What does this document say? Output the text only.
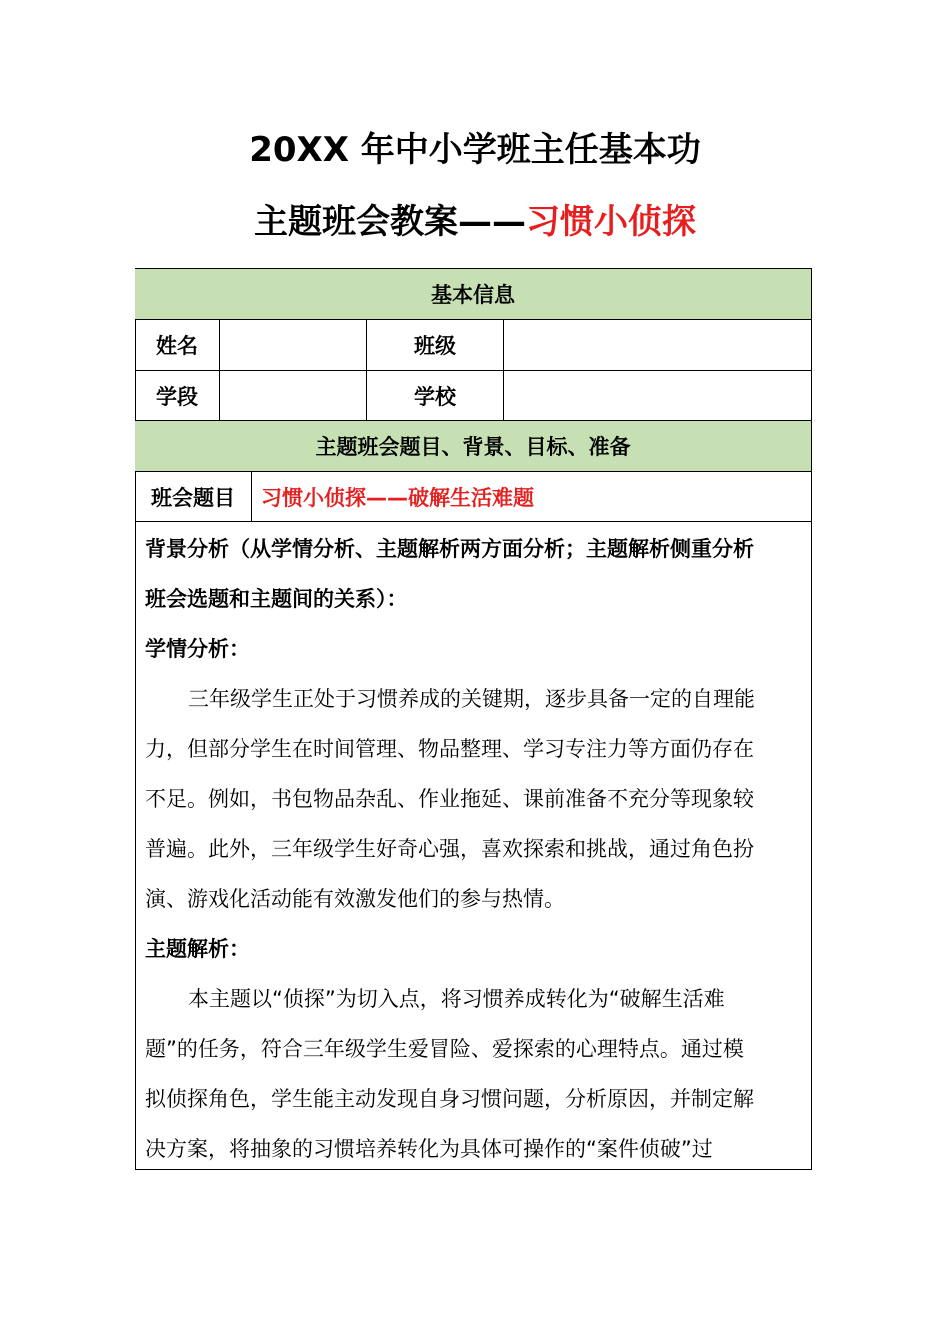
20XX 年中小学班主任基本功
主题班会教案——习惯小侦探
基本信息
姓名	班级
学段	学校
主题班会题目、背景、目标、准备
班会题目	习惯小侦探——破解生活难题
背景分析（从学情分析、主题解析两方面分析；主题解析侧重分析
班会选题和主题间的关系）：
学情分析：
三年级学生正处于习惯养成的关键期，逐步具备一定的自理能
力，但部分学生在时间管理、物品整理、学习专注力等方面仍存在
不足。例如，书包物品杂乱、作业拖延、课前准备不充分等现象较
普遍。此外，三年级学生好奇心强，喜欢探索和挑战，通过角色扮
演、游戏化活动能有效激发他们的参与热情。
主题解析：
本主题以“侦探”为切入点，将习惯养成转化为“破解生活难
题”的任务，符合三年级学生爱冒险、爱探索的心理特点。通过模
拟侦探角色，学生能主动发现自身习惯问题，分析原因，并制定解
决方案，将抽象的习惯培养转化为具体可操作的“案件侦破”过
